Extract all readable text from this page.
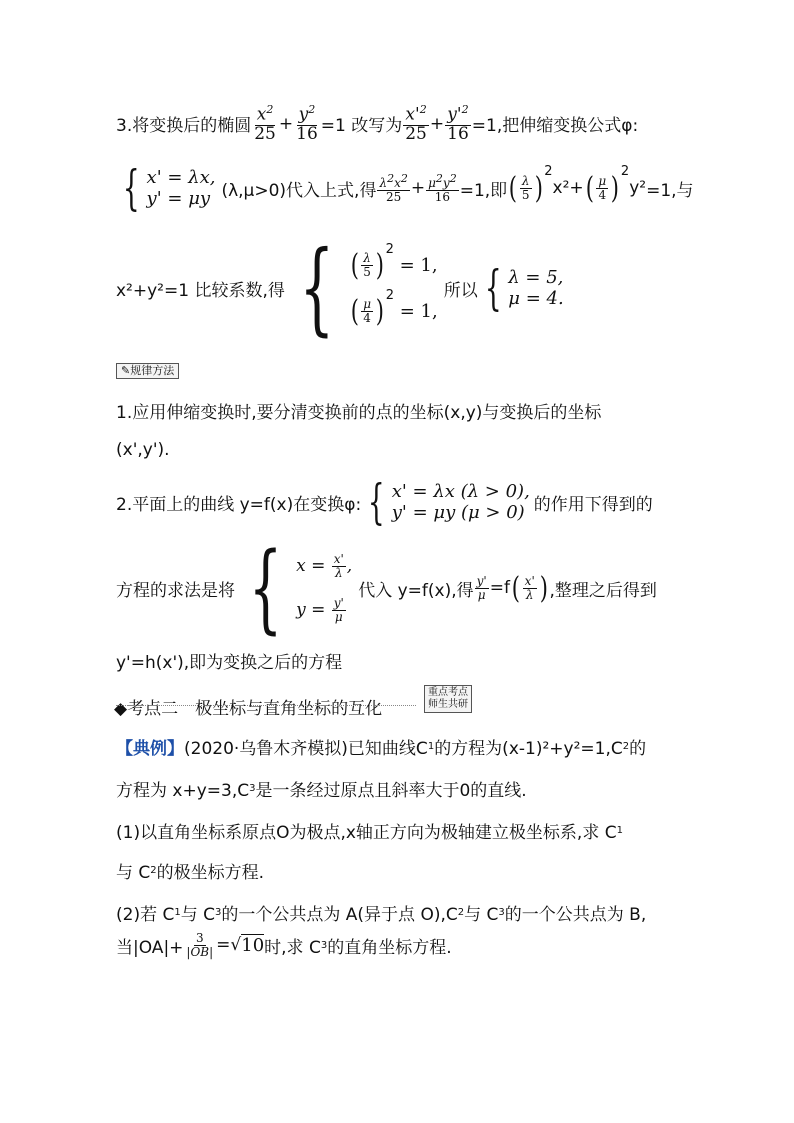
3.将变换后的椭圆 $\frac{x^2}{25} + \frac{y^2}{16} =1$ 改写为 $\frac{x'^2}{25} + \frac{y'^2}{16} =1$,把伸缩变换公式φ:
{ x' = λx,
y' = μy (λ,μ>0)代入上式,得 $\frac{\lambda^2x^2}{25} + \frac{\mu^2y^2}{16} =1$,即 ( $\frac{\lambda}{5} )^2$
x²+ ( $\frac{\mu}{4} )^2$
y² =1,与
x²+y²=1 比较系数,得 { ( $\frac{\lambda}{5} )^2$
= 1,
( $\frac{\mu}{4} )^2$
= 1,
所以 { λ = 5,
μ = 4.
✎规律方法
1.应用伸缩变换时,要分清变换前的点的坐标(x,y)与变换后的坐标
(x',y').
2.平面上的曲线 y=f(x)在变换φ: { x' = λx (λ > 0),
y' = μy (μ > 0) 的作用下得到的
方程的求法是将 { $x = \frac{x'}{\lambda}$ ,
$y = \frac{y'}{\mu}$
代入 y=f(x),得 $\frac{y'}{\mu} =f$ ( $\frac{x'}{\lambda}$ ) ,整理之后得到
y'=h(x'),即为变换之后的方程
◆考点二　极坐标与直角坐标的互化
重点考点
师生共研
【典例】 (2020·乌鲁木齐模拟)已知曲线C 1 的方程为(x-1)²+y²=1,C 2 的
方程为 x+y=3,C 3 是一条经过原点且斜率大于0的直线.
(1)以直角坐标系原点O为极点,x轴正方向为极轴建立极坐标系,求 C 1
与 C 2 的极坐标方程.
(2)若 C 1 与 C 3 的一个公共点为 A(异于点 O),C 2 与 C 3 的一个公共点为 B,
当$|OA|+ \frac{3}{|OB|}$ =√ 10 时,求 C 3 的直角坐标方程.
